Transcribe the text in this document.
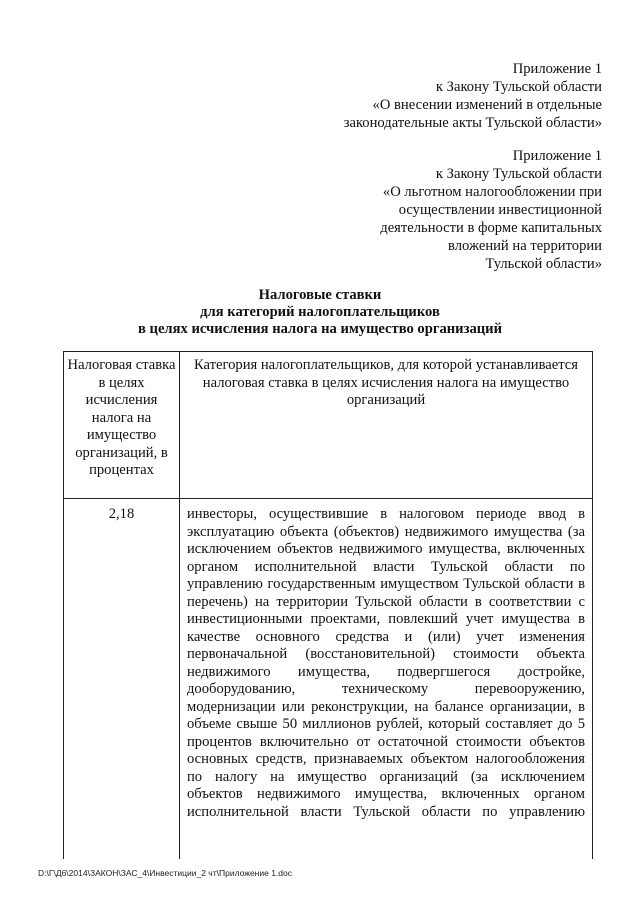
Приложение 1
к Закону Тульской области
«О внесении изменений в отдельные
законодательные акты Тульской области»
Приложение 1
к Закону Тульской области
«О льготном налогообложении при
осуществлении инвестиционной
деятельности в форме капитальных
вложений на территории
Тульской области»
Налоговые ставки
для категорий налогоплательщиков
в целях исчисления налога на имущество организаций
Налоговая ставка в целях исчисления налога на имущество организаций, в процентах	Категория налогоплательщиков, для которой устанавливается налоговая ставка в целях исчисления налога на имущество организаций
2,18	инвесторы, осуществившие в налоговом периоде ввод в эксплуатацию объекта (объектов) недвижимого имущества (за исключением объектов недвижимого имущества, включенных органом исполнительной власти Тульской области по управлению государственным имуществом Тульской области в перечень) на территории Тульской области в соответствии с инвестиционными проектами, повлекший учет имущества в качестве основного средства и (или) учет изменения первоначальной (восстановительной) стоимости объекта недвижимого имущества, подвергшегося достройке, дооборудованию, техническому перевооружению, модернизации или реконструкции, на балансе организации, в объеме свыше 50 миллионов рублей, который составляет до 5 процентов включительно от остаточной стоимости объектов основных средств, признаваемых объектом налогообложения по налогу на имущество организаций (за исключением объектов недвижимого имущества, включенных органом исполнительной власти Тульской области по управлению
D:\Г\Д6\2014\ЗАКОН\ЗАС_4\Инвестиции_2 чт\Приложение 1.doc
